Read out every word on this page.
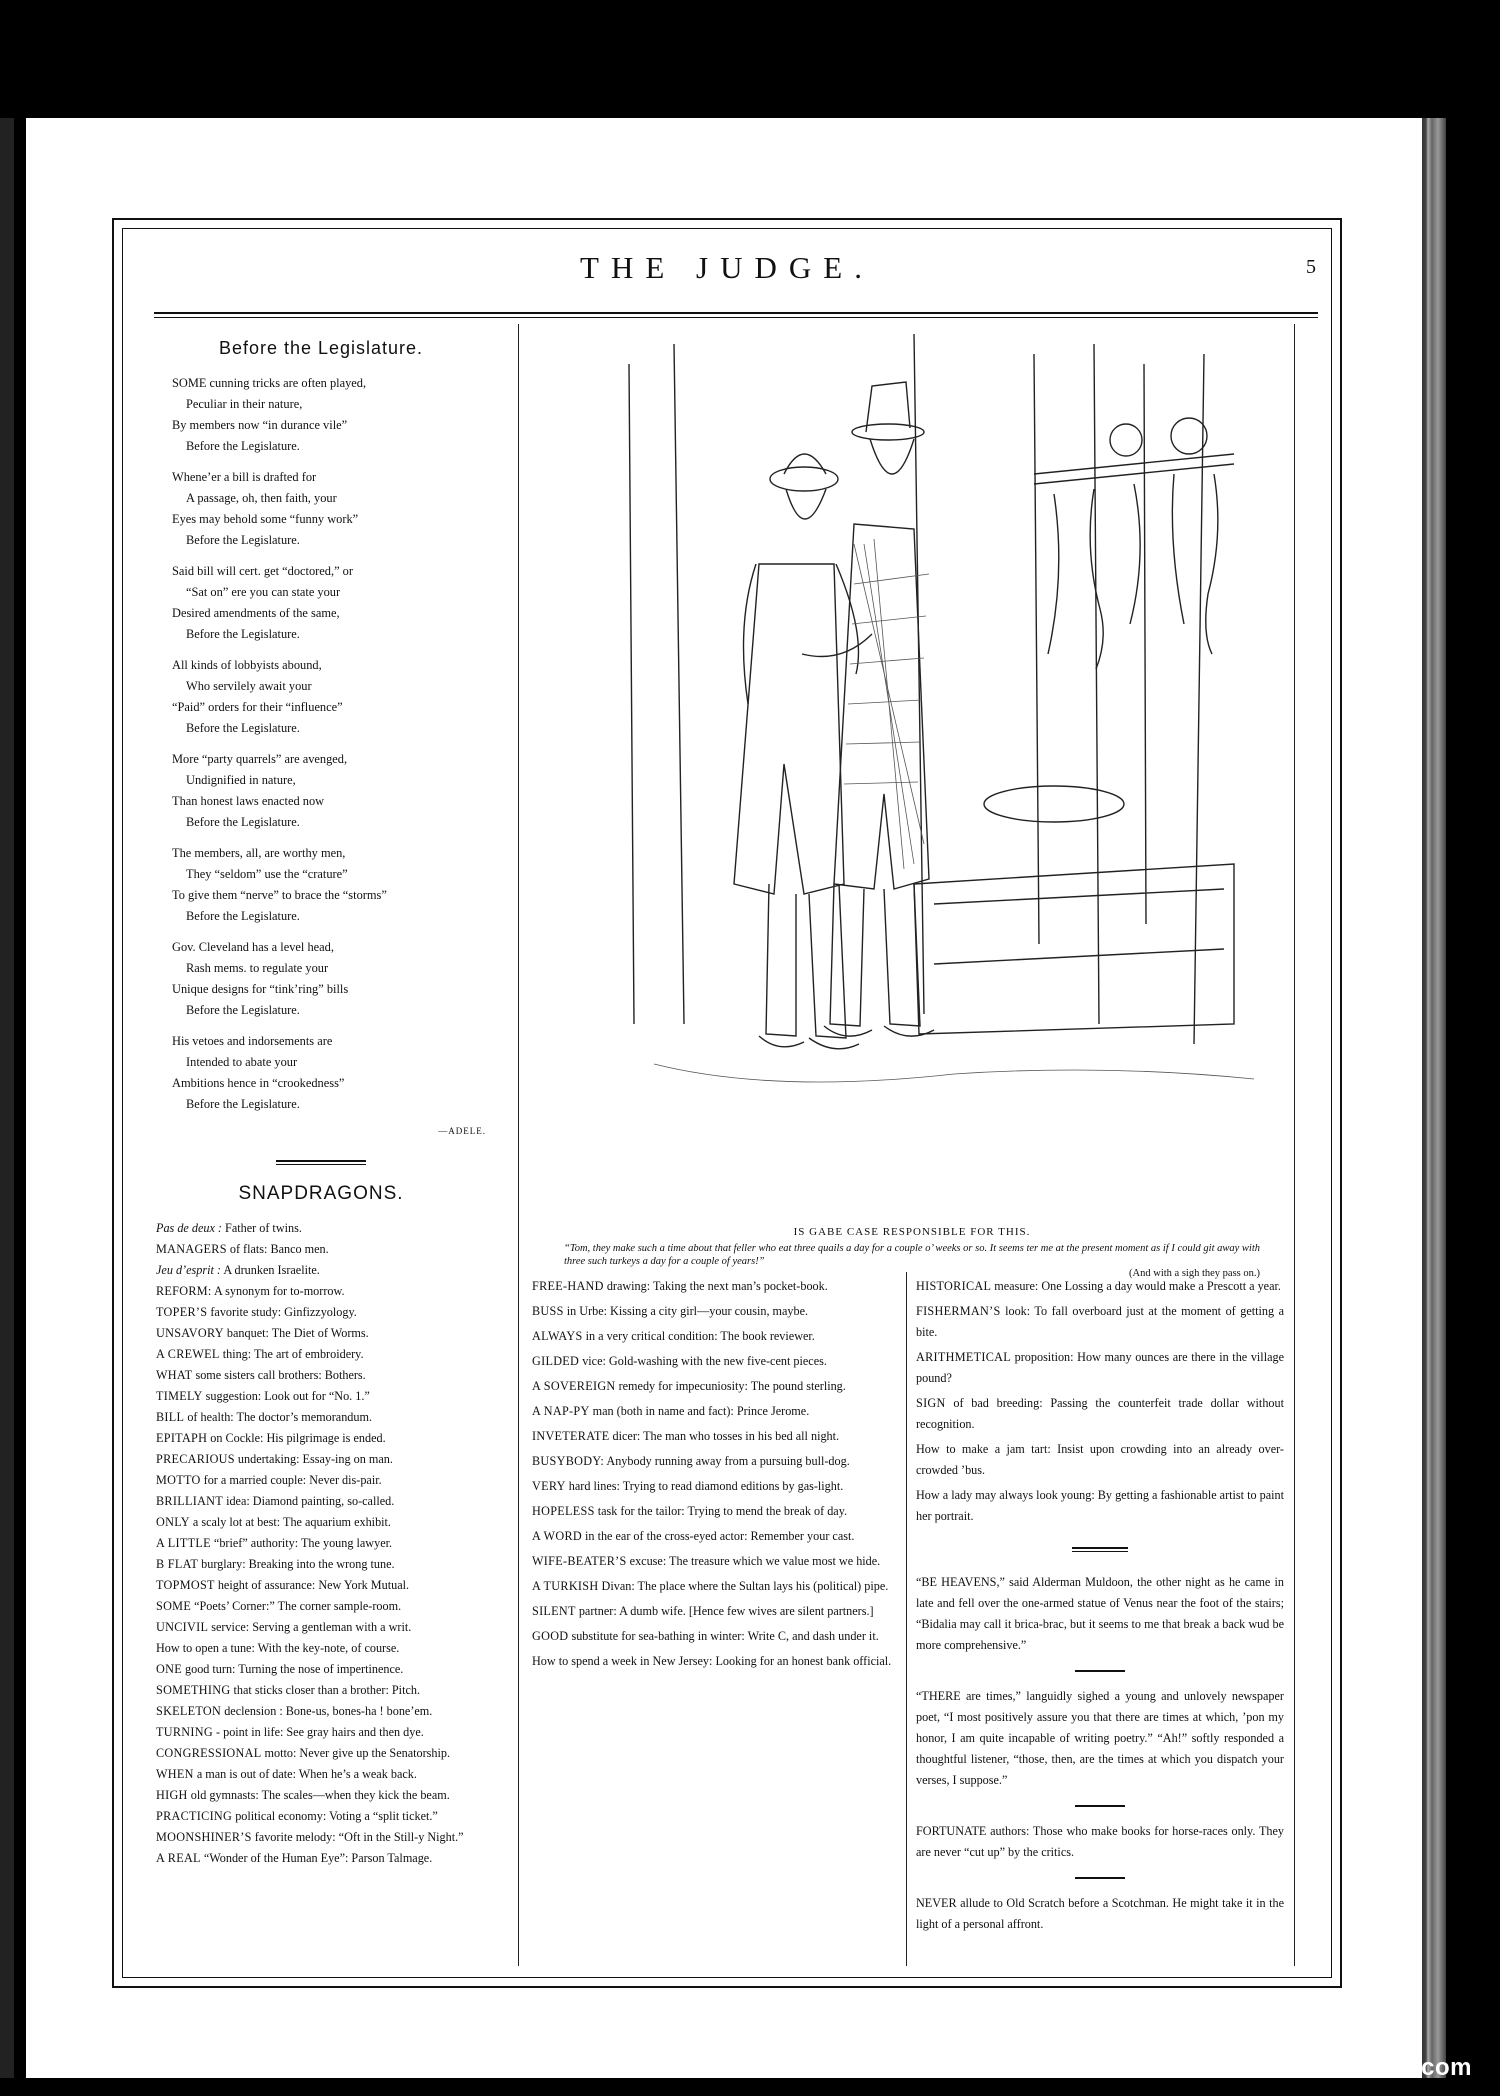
THE JUDGE.	5
Before the Legislature.
SOME cunning tricks are often played,
Peculiar in their nature,
By members now “in durance vile”
Before the Legislature.
Whene’er a bill is drafted for
A passage, oh, then faith, your
Eyes may behold some “funny work”
Before the Legislature.
Said bill will cert. get “doctored,” or
“Sat on” ere you can state your
Desired amendments of the same,
Before the Legislature.
All kinds of lobbyists abound,
Who servilely await your
“Paid” orders for their “influence”
Before the Legislature.
More “party quarrels” are avenged,
Undignified in nature,
Than honest laws enacted now
Before the Legislature.
The members, all, are worthy men,
They “seldom” use the “crature”
To give them “nerve” to brace the “storms”
Before the Legislature.
Gov. Cleveland has a level head,
Rash mems. to regulate your
Unique designs for “tink’ring” bills
Before the Legislature.
His vetoes and indorsements are
Intended to abate your
Ambitions hence in “crookedness”
Before the Legislature.
—ADELE.
SNAPDRAGONS.

Pas de deux : Father of twins.

MANAGERS of flats: Banco men.

Jeu d’esprit : A drunken Israelite.

REFORM: A synonym for to-morrow.

TOPER’S favorite study: Ginfizzyology.

UNSAVORY banquet: The Diet of Worms.

A CREWEL thing: The art of embroidery.

WHAT some sisters call brothers: Bothers.

TIMELY suggestion: Look out for “No. 1.”

BILL of health: The doctor’s memorandum.

EPITAPH on Cockle: His pilgrimage is ended.

PRECARIOUS undertaking: Essay-ing on man.

MOTTO for a married couple: Never dis-pair.

BRILLIANT idea: Diamond painting, so-called.

ONLY a scaly lot at best: The aquarium exhibit.

A LITTLE “brief” authority: The young lawyer.

B FLAT burglary: Breaking into the wrong tune.

TOPMOST height of assurance: New York Mutual.

SOME “Poets’ Corner:” The corner sample-room.

UNCIVIL service: Serving a gentleman with a writ.

How to open a tune: With the key-note, of course.

ONE good turn: Turning the nose of impertinence.

SOMETHING that sticks closer than a brother: Pitch.

SKELETON declension : Bone-us, bones-ha ! bone’em.

TURNING - point in life: See gray hairs and then dye.

CONGRESSIONAL motto: Never give up the Senatorship.

WHEN a man is out of date: When he’s a weak back.

HIGH old gymnasts: The scales—when they kick the beam.

PRACTICING political economy: Voting a “split ticket.”

MOONSHINER’S favorite melody: “Oft in the Still-y Night.”

A REAL “Wonder of the Human Eye”: Parson Talmage.

IS GABE CASE RESPONSIBLE FOR THIS.
“Tom, they make such a time about that feller who eat three quails a day for a couple o’ weeks or so. It seems ter me at the present moment as if I could git away with three such turkeys a day for a couple of years!”
(And with a sigh they pass on.)

FREE-HAND drawing: Taking the next man’s pocket-book.

BUSS in Urbe: Kissing a city girl—your cousin, maybe.

ALWAYS in a very critical condition: The book reviewer.

GILDED vice: Gold-washing with the new five-cent pieces.

A SOVEREIGN remedy for impecuniosity: The pound sterling.

A NAP-PY man (both in name and fact): Prince Jerome.

INVETERATE dicer: The man who tosses in his bed all night.

BUSYBODY: Anybody running away from a pursuing bull-dog.

VERY hard lines: Trying to read diamond editions by gas-light.

HOPELESS task for the tailor: Trying to mend the break of day.

A WORD in the ear of the cross-eyed actor: Remember your cast.

WIFE-BEATER’S excuse: The treasure which we value most we hide.

A TURKISH Divan: The place where the Sultan lays his (political) pipe.

SILENT partner: A dumb wife. [Hence few wives are silent partners.]

GOOD substitute for sea-bathing in winter: Write C, and dash under it.

How to spend a week in New Jersey: Looking for an honest bank official.

HISTORICAL measure: One Lossing a day would make a Prescott a year.

FISHERMAN’S look: To fall overboard just at the moment of getting a bite.

ARITHMETICAL proposition: How many ounces are there in the village pound?

SIGN of bad breeding: Passing the counterfeit trade dollar without recognition.

How to make a jam tart: Insist upon crowding into an already over-crowded ’bus.

How a lady may always look young: By getting a fashionable artist to paint her portrait.

“BE HEAVENS,” said Alderman Muldoon, the other night as he came in late and fell over the one-armed statue of Venus near the foot of the stairs; “Bidalia may call it brica-brac, but it seems to me that break a back wud be more comprehensive.”

“THERE are times,” languidly sighed a young and unlovely newspaper poet, “I most positively assure you that there are times at which, ’pon my honor, I am quite incapable of writing poetry.” “Ah!” softly responded a thoughtful listener, “those, then, are the times at which you dispatch your verses, I suppose.”

FORTUNATE authors: Those who make books for horse-races only. They are never “cut up” by the critics.

NEVER allude to Old Scratch before a Scotchman. He might take it in the light of a personal affront.

comicbooks.com
